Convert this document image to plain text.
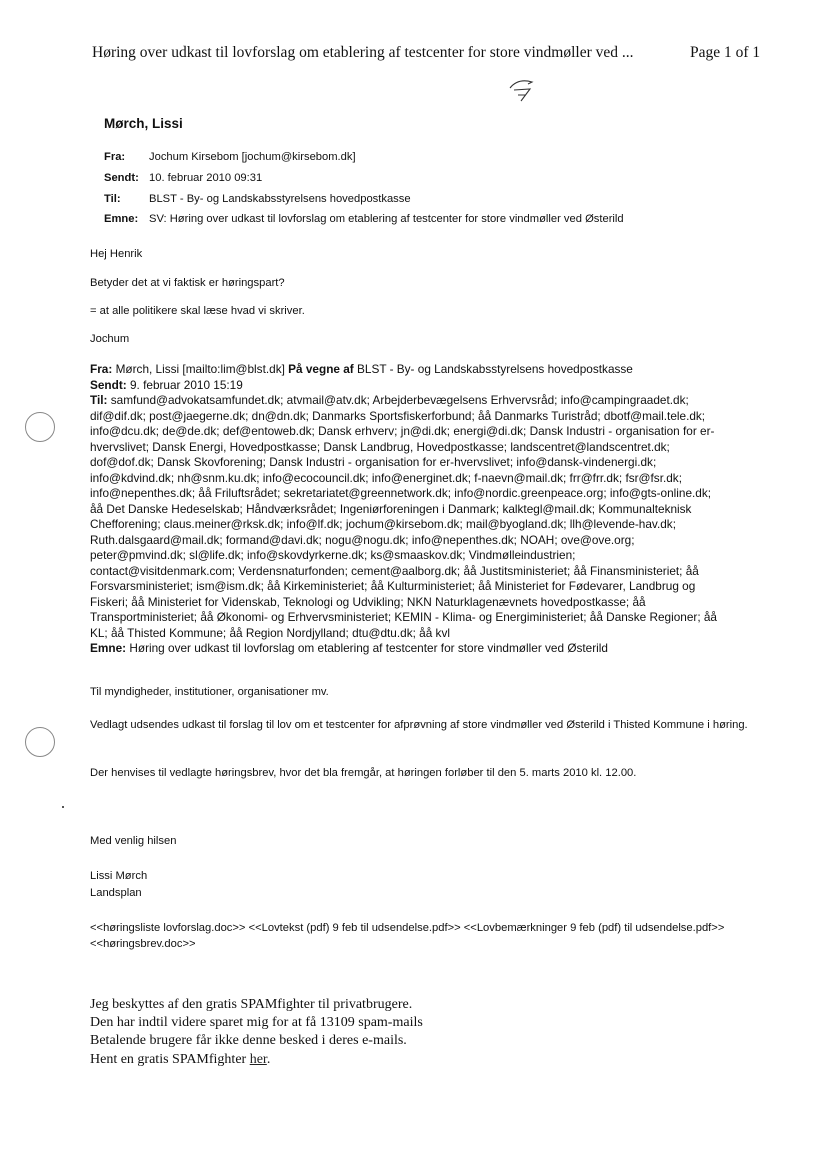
Høring over udkast til lovforslag om etablering af testcenter for store vindmøller ved ...	Page 1 of 1
Mørch, Lissi
Fra: Jochum Kirsebom [jochum@kirsebom.dk]
Sendt: 10. februar 2010 09:31
Til:	BLST - By- og Landskabsstyrelsens hovedpostkasse
Emne: SV: Høring over udkast til lovforslag om etablering af testcenter for store vindmøller ved Østerild
Hej Henrik
Betyder det at vi faktisk er høringspart?
= at alle politikere skal læse hvad vi skriver.
Jochum
Fra: Mørch, Lissi [mailto:lim@blst.dk] På vegne af BLST - By- og Landskabsstyrelsens hovedpostkasse
Sendt: 9. februar 2010 15:19
Til: samfund@advokatsamfundet.dk; atvmail@atv.dk; Arbejderbevægelsens Erhvervsråd; info@campingraadet.dk;
dif@dif.dk; post@jaegerne.dk; dn@dn.dk; Danmarks Sportsfiskerforbund; åå Danmarks Turistråd; dbotf@mail.tele.dk;
info@dcu.dk; de@de.dk; def@entoweb.dk; Dansk erhverv; jn@di.dk; energi@di.dk; Dansk Industri - organisation for er-
hvervslivet; Dansk Energi, Hovedpostkasse; Dansk Landbrug, Hovedpostkasse; landscentret@landscentret.dk;
dof@dof.dk; Dansk Skovforening; Dansk Industri - organisation for er-hvervslivet; info@dansk-vindenergi.dk;
info@kdvind.dk; nh@snm.ku.dk; info@ecocouncil.dk; info@energinet.dk; f-naevn@mail.dk; frr@frr.dk; fsr@fsr.dk;
info@nepenthes.dk; åå Friluftsrådet; sekretariatet@greennetwork.dk; info@nordic.greenpeace.org; info@gts-online.dk;
åå Det Danske Hedeselskab; Håndværksrådet; Ingeniørforeningen i Danmark; kalktegl@mail.dk; Kommunalteknisk
Chefforening; claus.meiner@rksk.dk; info@lf.dk; jochum@kirsebom.dk; mail@byogland.dk; llh@levende-hav.dk;
Ruth.dalsgaard@mail.dk; formand@davi.dk; nogu@nogu.dk; info@nepenthes.dk; NOAH; ove@ove.org;
peter@pmvind.dk; sl@life.dk; info@skovdyrkerne.dk; ks@smaaskov.dk; Vindmølleindustrien;
contact@visitdenmark.com; Verdensnaturfonden; cement@aalborg.dk; åå Justitsministeriet; åå Finansministeriet; åå
Forsvarsministeriet; ism@ism.dk; åå Kirkeministeriet; åå Kulturministeriet; åå Ministeriet for Fødevarer, Landbrug og
Fiskeri; åå Ministeriet for Videnskab, Teknologi og Udvikling; NKN Naturklagenævnets hovedpostkasse; åå
Transportministeriet; åå Økonomi- og Erhvervsministeriet; KEMIN - Klima- og Energiministeriet; åå Danske Regioner; åå
KL; åå Thisted Kommune; åå Region Nordjylland; dtu@dtu.dk; åå kvl
Emne: Høring over udkast til lovforslag om etablering af testcenter for store vindmøller ved Østerild
Til myndigheder, institutioner, organisationer mv.
Vedlagt udsendes udkast til forslag til lov om et testcenter for afprøvning af store vindmøller ved Østerild i Thisted Kommune i høring.
Der henvises til vedlagte høringsbrev, hvor det bla fremgår, at høringen forløber til den 5. marts 2010 kl. 12.00.
Med venlig hilsen
Lissi Mørch
Landsplan
<<høringsliste lovforslag.doc>> <<Lovtekst (pdf) 9 feb til udsendelse.pdf>> <<Lovbemærkninger 9 feb (pdf) til udsendelse.pdf>> <<høringsbrev.doc>>
Jeg beskyttes af den gratis SPAMfighter til privatbrugere.
Den har indtil videre sparet mig for at få 13109 spam-mails
Betalende brugere får ikke denne besked i deres e-mails.
Hent en gratis SPAMfighter her.
